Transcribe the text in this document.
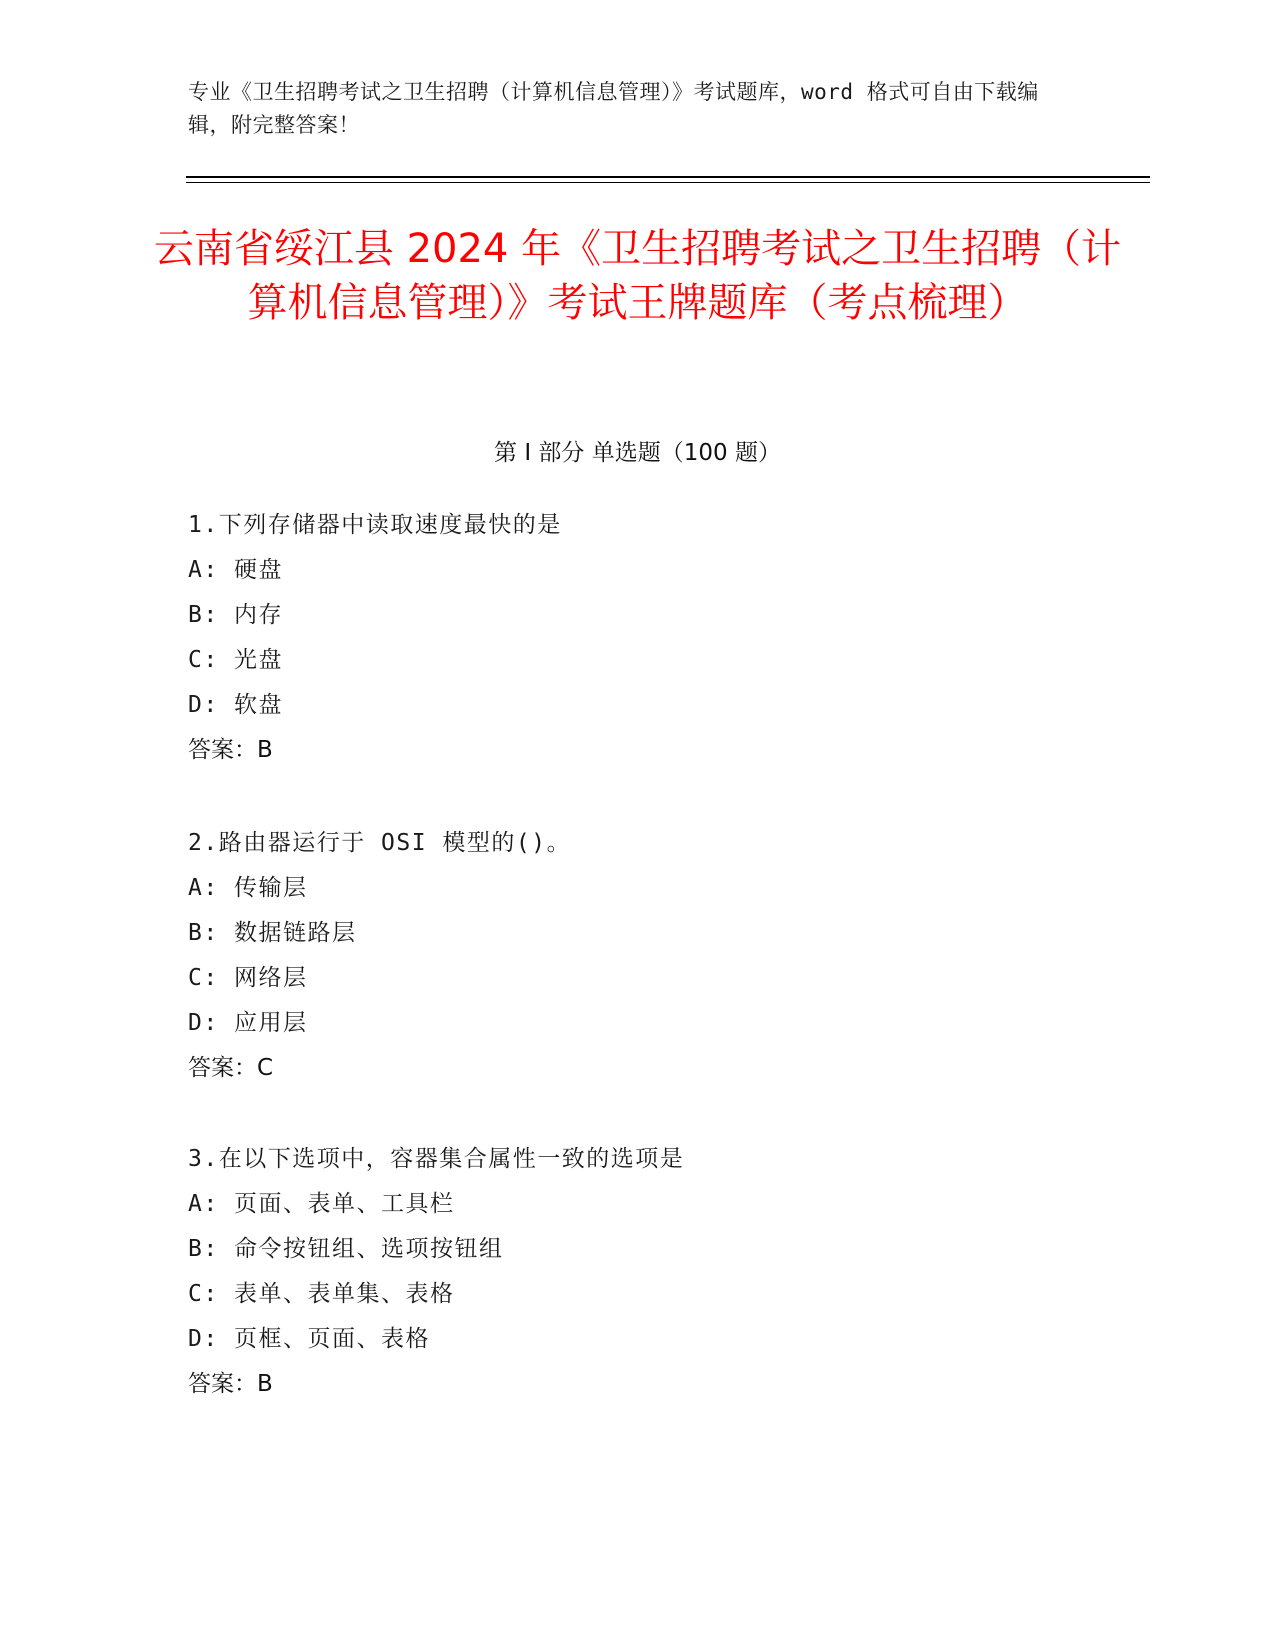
专业《卫生招聘考试之卫生招聘（计算机信息管理）》考试题库，word 格式可自由下载编辑，附完整答案！
云南省绥江县 2024 年《卫生招聘考试之卫生招聘（计算机信息管理）》考试王牌题库（考点梳理）
第 I 部分 单选题（100 题）
1.下列存储器中读取速度最快的是
A: 硬盘
B: 内存
C: 光盘
D: 软盘
答案：B
2.路由器运行于 OSI 模型的()。
A: 传输层
B: 数据链路层
C: 网络层
D: 应用层
答案：C
3.在以下选项中，容器集合属性一致的选项是
A: 页面、表单、工具栏
B: 命令按钮组、选项按钮组
C: 表单、表单集、表格
D: 页框、页面、表格
答案：B
